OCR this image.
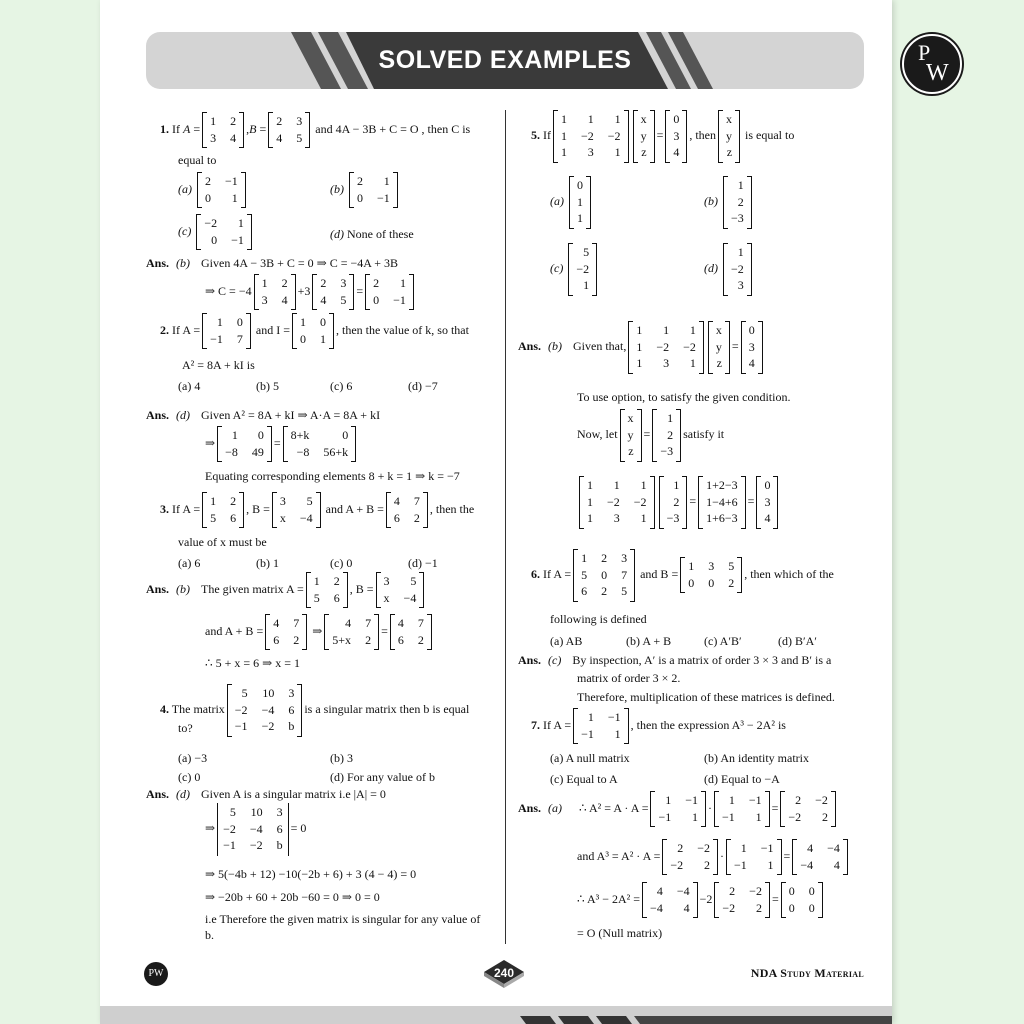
SOLVED EXAMPLES	P
W
1. If A =
1 2
3 4
,B =
2 3
4 5
and 4A − 3B + C = O , then C is
equal to
(a)
2 −1
0	1
(b)
2	1
0 −1
(c)
−2	1
0 −1	(d) None of these
Ans. (b) Given 4A − 3B + C = 0 ⇒ C = −4A + 3B
⇒ C = −4
1 2
3 4
+3
2 3
4 5
=
2	1
0 −1
2. If A =
1 0
−1 7
and I =
1 0
0 1
, then the value of k, so that
A² = 8A + kI is
(a) 4	(b) 5	(c) 6	(d) −7
Ans. (d) Given A² = 8A + kI ⇒ A·A = 8A + kI
⇒
1	0
−8 49
=
8+k	0
−8 56+k
Equating corresponding elements 8 + k = 1 ⇒ k = −7
3. If A =
1 2
5 6
, B =
3	5
x −4
and A + B =
4 7
6 2
, then the
value of x must be
(a) 6	(b) 1	(c) 0	(d) −1
Ans. (b) The given matrix A =
1 2
5 6
, B =
3	5
x −4
and A + B =
4 7
6 2
⇒
4 7
5+x 2
=
4 7
6 2
∴ 5 + x = 6 ⇒ x = 1
4. The matrix
5 10 3
−2 −4 6
−1 −2 b
is a singular matrix then b is equal
to?
(a) −3	(b) 3
(c) 0	(d) For any value of b
Ans. (d) Given A is a singular matrix i.e |A| = 0
⇒
5 10 3
−2 −4 6
−1 −2 b
= 0
⇒ 5(−4b + 12) −10(−2b + 6) + 3 (4 − 4) = 0
⇒ −20b + 60 + 20b −60 = 0 ⇒ 0 = 0
i.e Therefore the given matrix is singular for any value of
b.
5. If
1	1	1
1 −2 −2
1	3	1
x
y
z
=
0
3
4
, then
x
y
z
is equal to
(a)
0
1
1
(b)
1
2
−3
(c)
5
−2
1
(d)
1
−2
3
Ans. (b) Given that,
1	1	1
1 −2 −2
1	3	1
x
y
z
=
0
3
4
To use option, to satisfy the given condition.
Now, let
x
y
z
=
1
2
−3
satisfy it
1	1	1
1 −2 −2
1	3	1
1
2
−3
=
1+2−3
1−4+6
1+6−3
=
0
3
4
6. If A =
1 2 3
5 0 7
6 2 5
and B =
1 3 5
0 0 2
, then which of the
following is defined
(a) AB	(b) A + B	(c) A′B′	(d) B′A′
Ans. (c) By inspection, A′ is a matrix of order 3 × 3 and B′ is a
matrix of order 3 × 2.
Therefore, multiplication of these matrices is defined.
7. If A =
1 −1
−1	1
, then the expression A³ − 2A² is
(a) A null matrix	(b) An identity matrix
(c) Equal to A	(d) Equal to −A
Ans. (a) ∴ A² = A · A =
1 −1
−1	1
·
1 −1
−1	1
=
2 −2
−2	2
and A³ = A² · A =
2 −2
−2	2
·
1 −1
−1	1
=
4 −4
−4	4
∴ A³ − 2A² =
4 −4
−4	4
−2
2 −2
−2	2
=
0 0
0 0
= O (Null matrix)
PW	240	NDA Study Material
